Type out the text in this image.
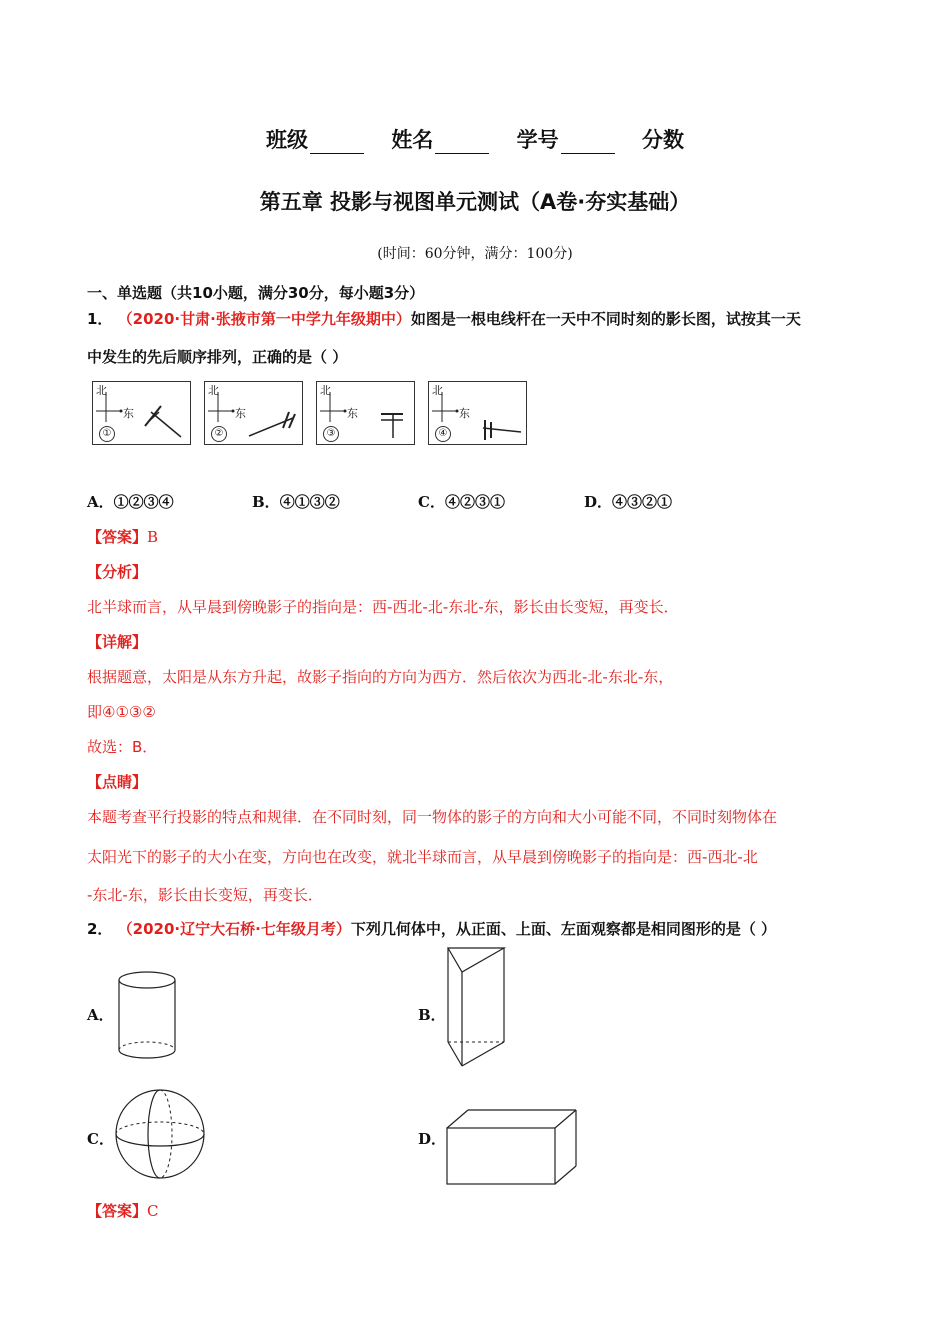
班级	姓名	学号	分数
第五章 投影与视图单元测试（A卷·夯实基础）
(时间：60分钟，满分：100分)
一、单选题（共10小题，满分30分，每小题3分）
1． （2020·甘肃·张掖市第一中学九年级期中）如图是一根电线杆在一天中不同时刻的影长图，试按其一天
中发生的先后顺序排列，正确的是（ ）
北
东
①
北
东
②
北
东
③
北
东
④
A．①②③④	B．④①③②	C．④②③①	D．④③②①
【答案】B
【分析】
北半球而言，从早晨到傍晚影子的指向是：西-西北-北-东北-东，影长由长变短，再变长．
【详解】
根据题意，太阳是从东方升起，故影子指向的方向为西方．然后依次为西北-北-东北-东，
即④①③②
故选：B．
【点睛】
本题考查平行投影的特点和规律．在不同时刻，同一物体的影子的方向和大小可能不同，不同时刻物体在
太阳光下的影子的大小在变，方向也在改变，就北半球而言，从早晨到傍晚影子的指向是：西-西北-北
-东北-东，影长由长变短，再变长．
2． （2020·辽宁大石桥·七年级月考）下列几何体中，从正面、上面、左面观察都是相同图形的是（ ）
A．	B．
C．	D．
【答案】C
